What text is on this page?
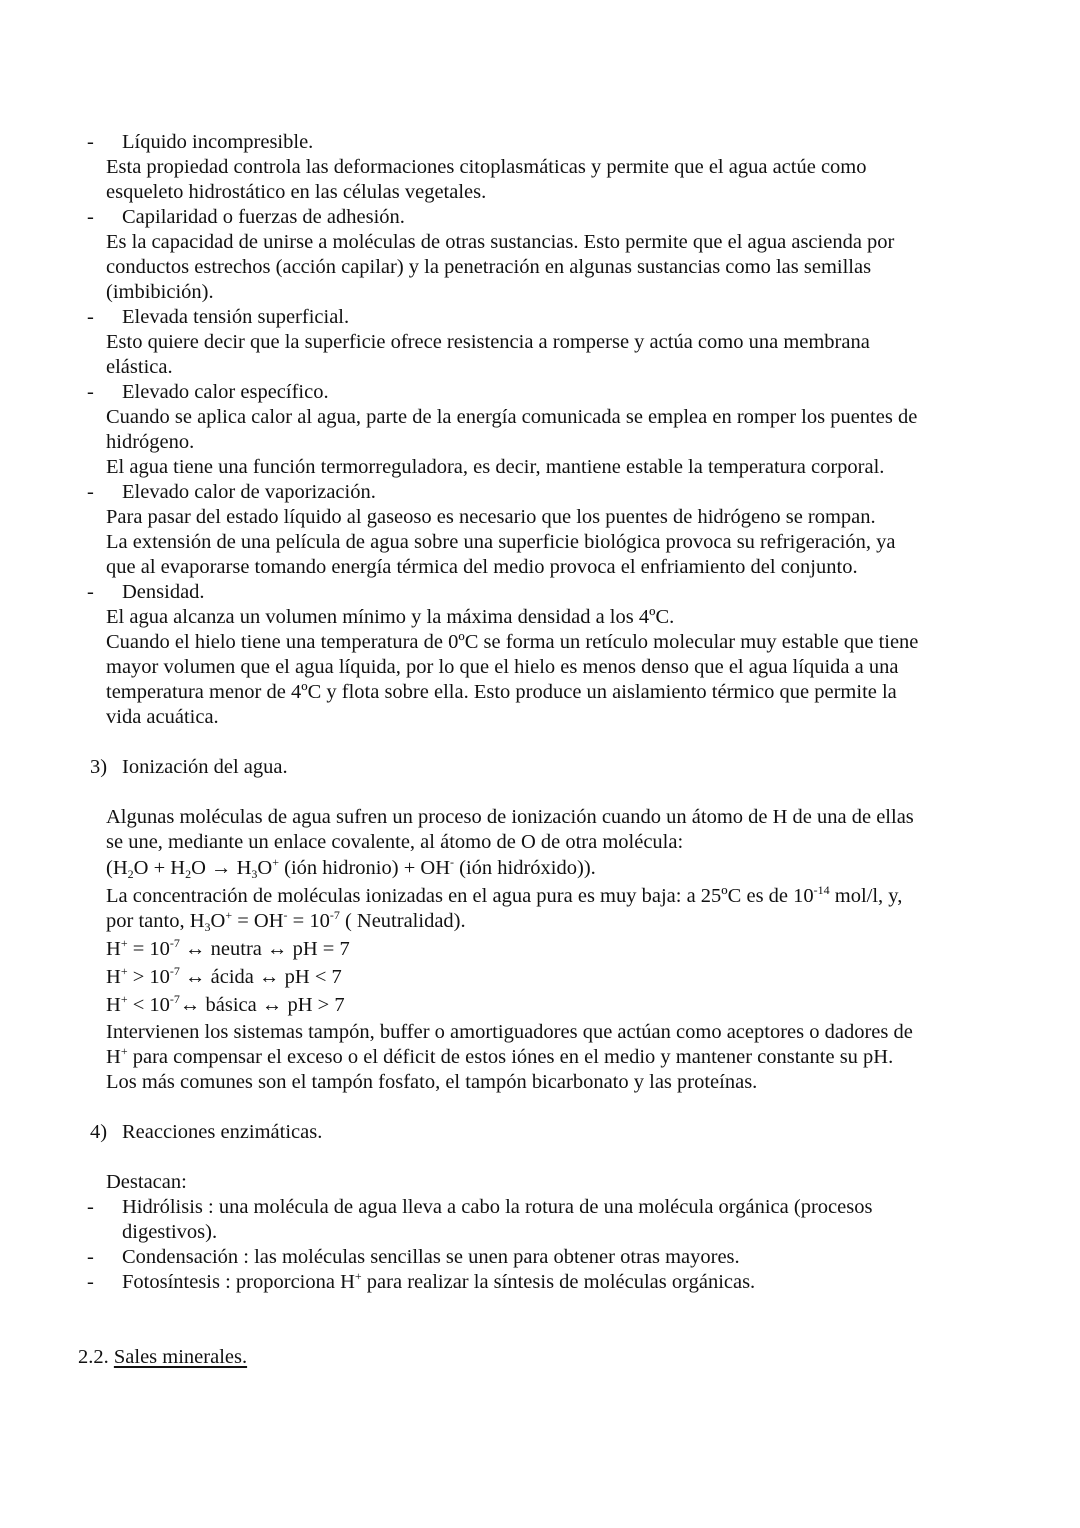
- Líquido incompresible.
Esta propiedad controla las deformaciones citoplasmáticas y permite que el agua actúe como
esqueleto hidrostático en las células vegetales.
- Capilaridad o fuerzas de adhesión.
Es la capacidad de unirse a moléculas de otras sustancias. Esto permite que el agua ascienda por
conductos estrechos (acción capilar) y la penetración en algunas sustancias como las semillas
(imbibición).
- Elevada tensión superficial.
Esto quiere decir que la superficie ofrece resistencia a romperse y actúa como una membrana
elástica.
- Elevado calor específico.
Cuando se aplica calor al agua, parte de la energía comunicada se emplea en romper los puentes de
hidrógeno.
El agua tiene una función termorreguladora, es decir, mantiene estable la temperatura corporal.
- Elevado calor de vaporización.
Para pasar del estado líquido al gaseoso es necesario que los puentes de hidrógeno se rompan.
La extensión de una película de agua sobre una superficie biológica provoca su refrigeración, ya
que al evaporarse tomando energía térmica del medio provoca el enfriamiento del conjunto.
- Densidad.
El agua alcanza un volumen mínimo y la máxima densidad a los 4ºC.
Cuando el hielo tiene una temperatura de 0ºC se forma un retículo molecular muy estable que tiene
mayor volumen que el agua líquida, por lo que el hielo es menos denso que el agua líquida a una
temperatura menor de 4ºC y flota sobre ella. Esto produce un aislamiento térmico que permite la
vida acuática.
3) Ionización del agua.
Algunas moléculas de agua sufren un proceso de ionización cuando un átomo de H de una de ellas
se une, mediante un enlace covalente, al átomo de O de otra molécula:
($H_2O + H_2O \to H_3O^+$ (ión hidronio) + OH- (ión hidróxido)).
La concentración de moléculas ionizadas en el agua pura es muy baja: a 25ºC es de $10^{-14}$ mol/l, y,
por tanto, $H_3O^+ = OH^- = 10^{-7}$ ( Neutralidad).
$H^+ = 10^{-7}$ ↔ neutra ↔ pH = 7
$H^+ > 10^{-7}$ ↔ ácida ↔ pH < 7
$H^+ < 10^{-7}\leftrightarrow$ básica ↔ pH > 7
Intervienen los sistemas tampón, buffer o amortiguadores que actúan como aceptores o dadores de
H+ para compensar el exceso o el déficit de estos iónes en el medio y mantener constante su pH.
Los más comunes son el tampón fosfato, el tampón bicarbonato y las proteínas.
4) Reacciones enzimáticas.
Destacan:
- Hidrólisis : una molécula de agua lleva a cabo la rotura de una molécula orgánica (procesos
digestivos).
- Condensación : las moléculas sencillas se unen para obtener otras mayores.
- Fotosíntesis : proporciona H+ para realizar la síntesis de moléculas orgánicas.
2.2. Sales minerales.
